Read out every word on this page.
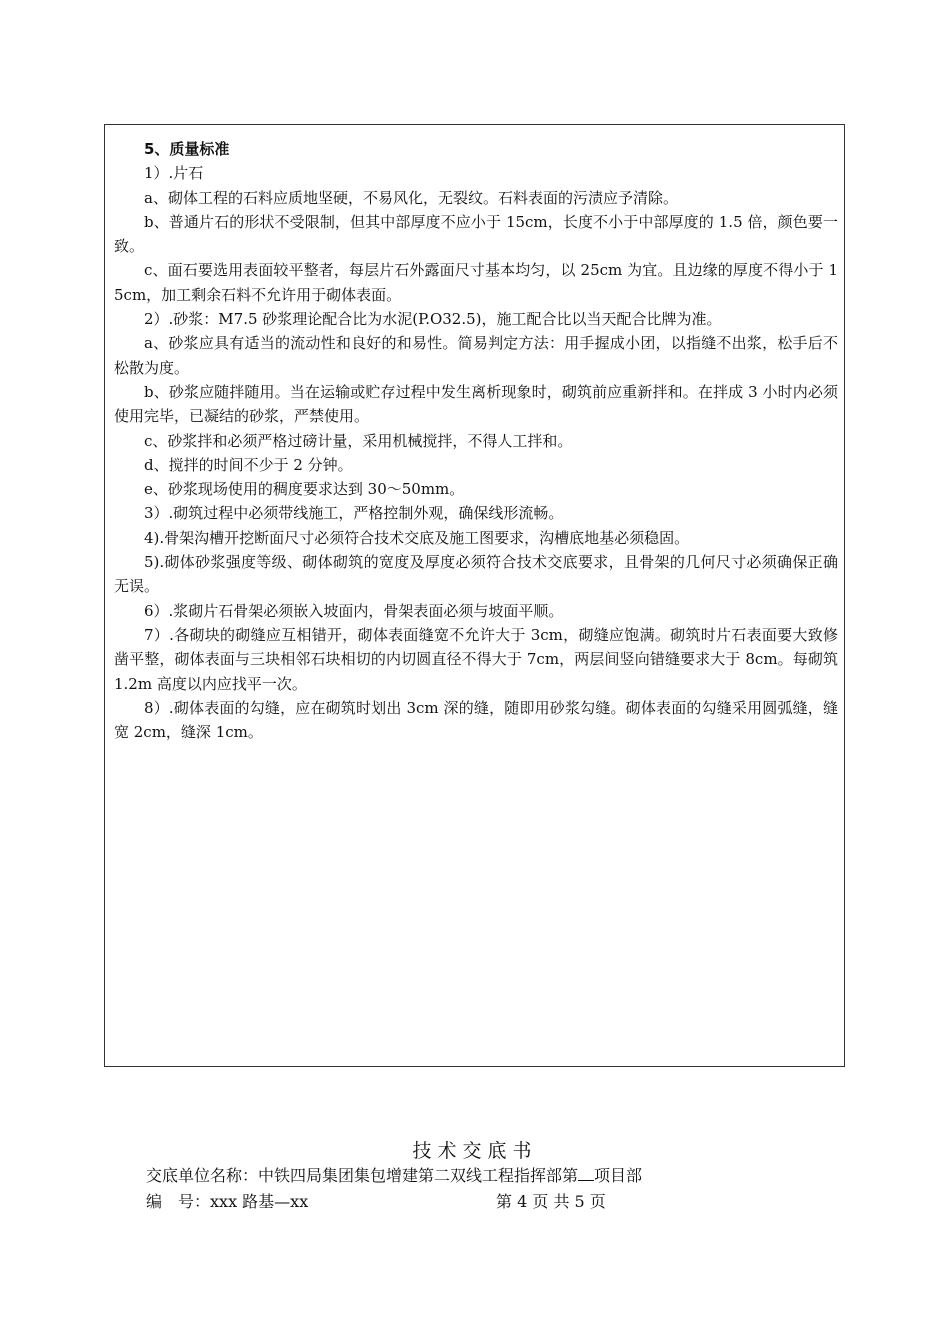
5、质量标准

1）.片石

a、砌体工程的石料应质地坚硬，不易风化，无裂纹。石料表面的污渍应予清除。

b、普通片石的形状不受限制，但其中部厚度不应小于 15cm，长度不小于中部厚度的 1.5 倍，颜色要一致。

c、面石要选用表面较平整者，每层片石外露面尺寸基本均匀，以 25cm 为宜。且边缘的厚度不得小于 15cm，加工剩余石料不允许用于砌体表面。

2）.砂浆：M7.5 砂浆理论配合比为水泥(P.O32.5)，施工配合比以当天配合比牌为准。

a、砂浆应具有适当的流动性和良好的和易性。简易判定方法：用手握成小团，以指缝不出浆，松手后不松散为度。

b、砂浆应随拌随用。当在运输或贮存过程中发生离析现象时，砌筑前应重新拌和。在拌成 3 小时内必须使用完毕，已凝结的砂浆，严禁使用。

c、砂浆拌和必须严格过磅计量，采用机械搅拌，不得人工拌和。

d、搅拌的时间不少于 2 分钟。

e、砂浆现场使用的稠度要求达到 30～50mm。

3）.砌筑过程中必须带线施工，严格控制外观，确保线形流畅。

4).骨架沟槽开挖断面尺寸必须符合技术交底及施工图要求，沟槽底地基必须稳固。

5).砌体砂浆强度等级、砌体砌筑的宽度及厚度必须符合技术交底要求，且骨架的几何尺寸必须确保正确无误。

6）.浆砌片石骨架必须嵌入坡面内，骨架表面必须与坡面平顺。

7）.各砌块的砌缝应互相错开，砌体表面缝宽不允许大于 3cm，砌缝应饱满。砌筑时片石表面要大致修凿平整，砌体表面与三块相邻石块相切的内切圆直径不得大于 7cm，两层间竖向错缝要求大于 8cm。每砌筑 1.2m 高度以内应找平一次。

8）.砌体表面的勾缝，应在砌筑时划出 3cm 深的缝，随即用砂浆勾缝。砌体表面的勾缝采用圆弧缝，缝宽 2cm，缝深 1cm。

技术交底书
交底单位名称：中铁四局集团集包增建第二双线工程指挥部第 项目部
编　号：xxx 路基—xx	第 4 页 共 5 页
